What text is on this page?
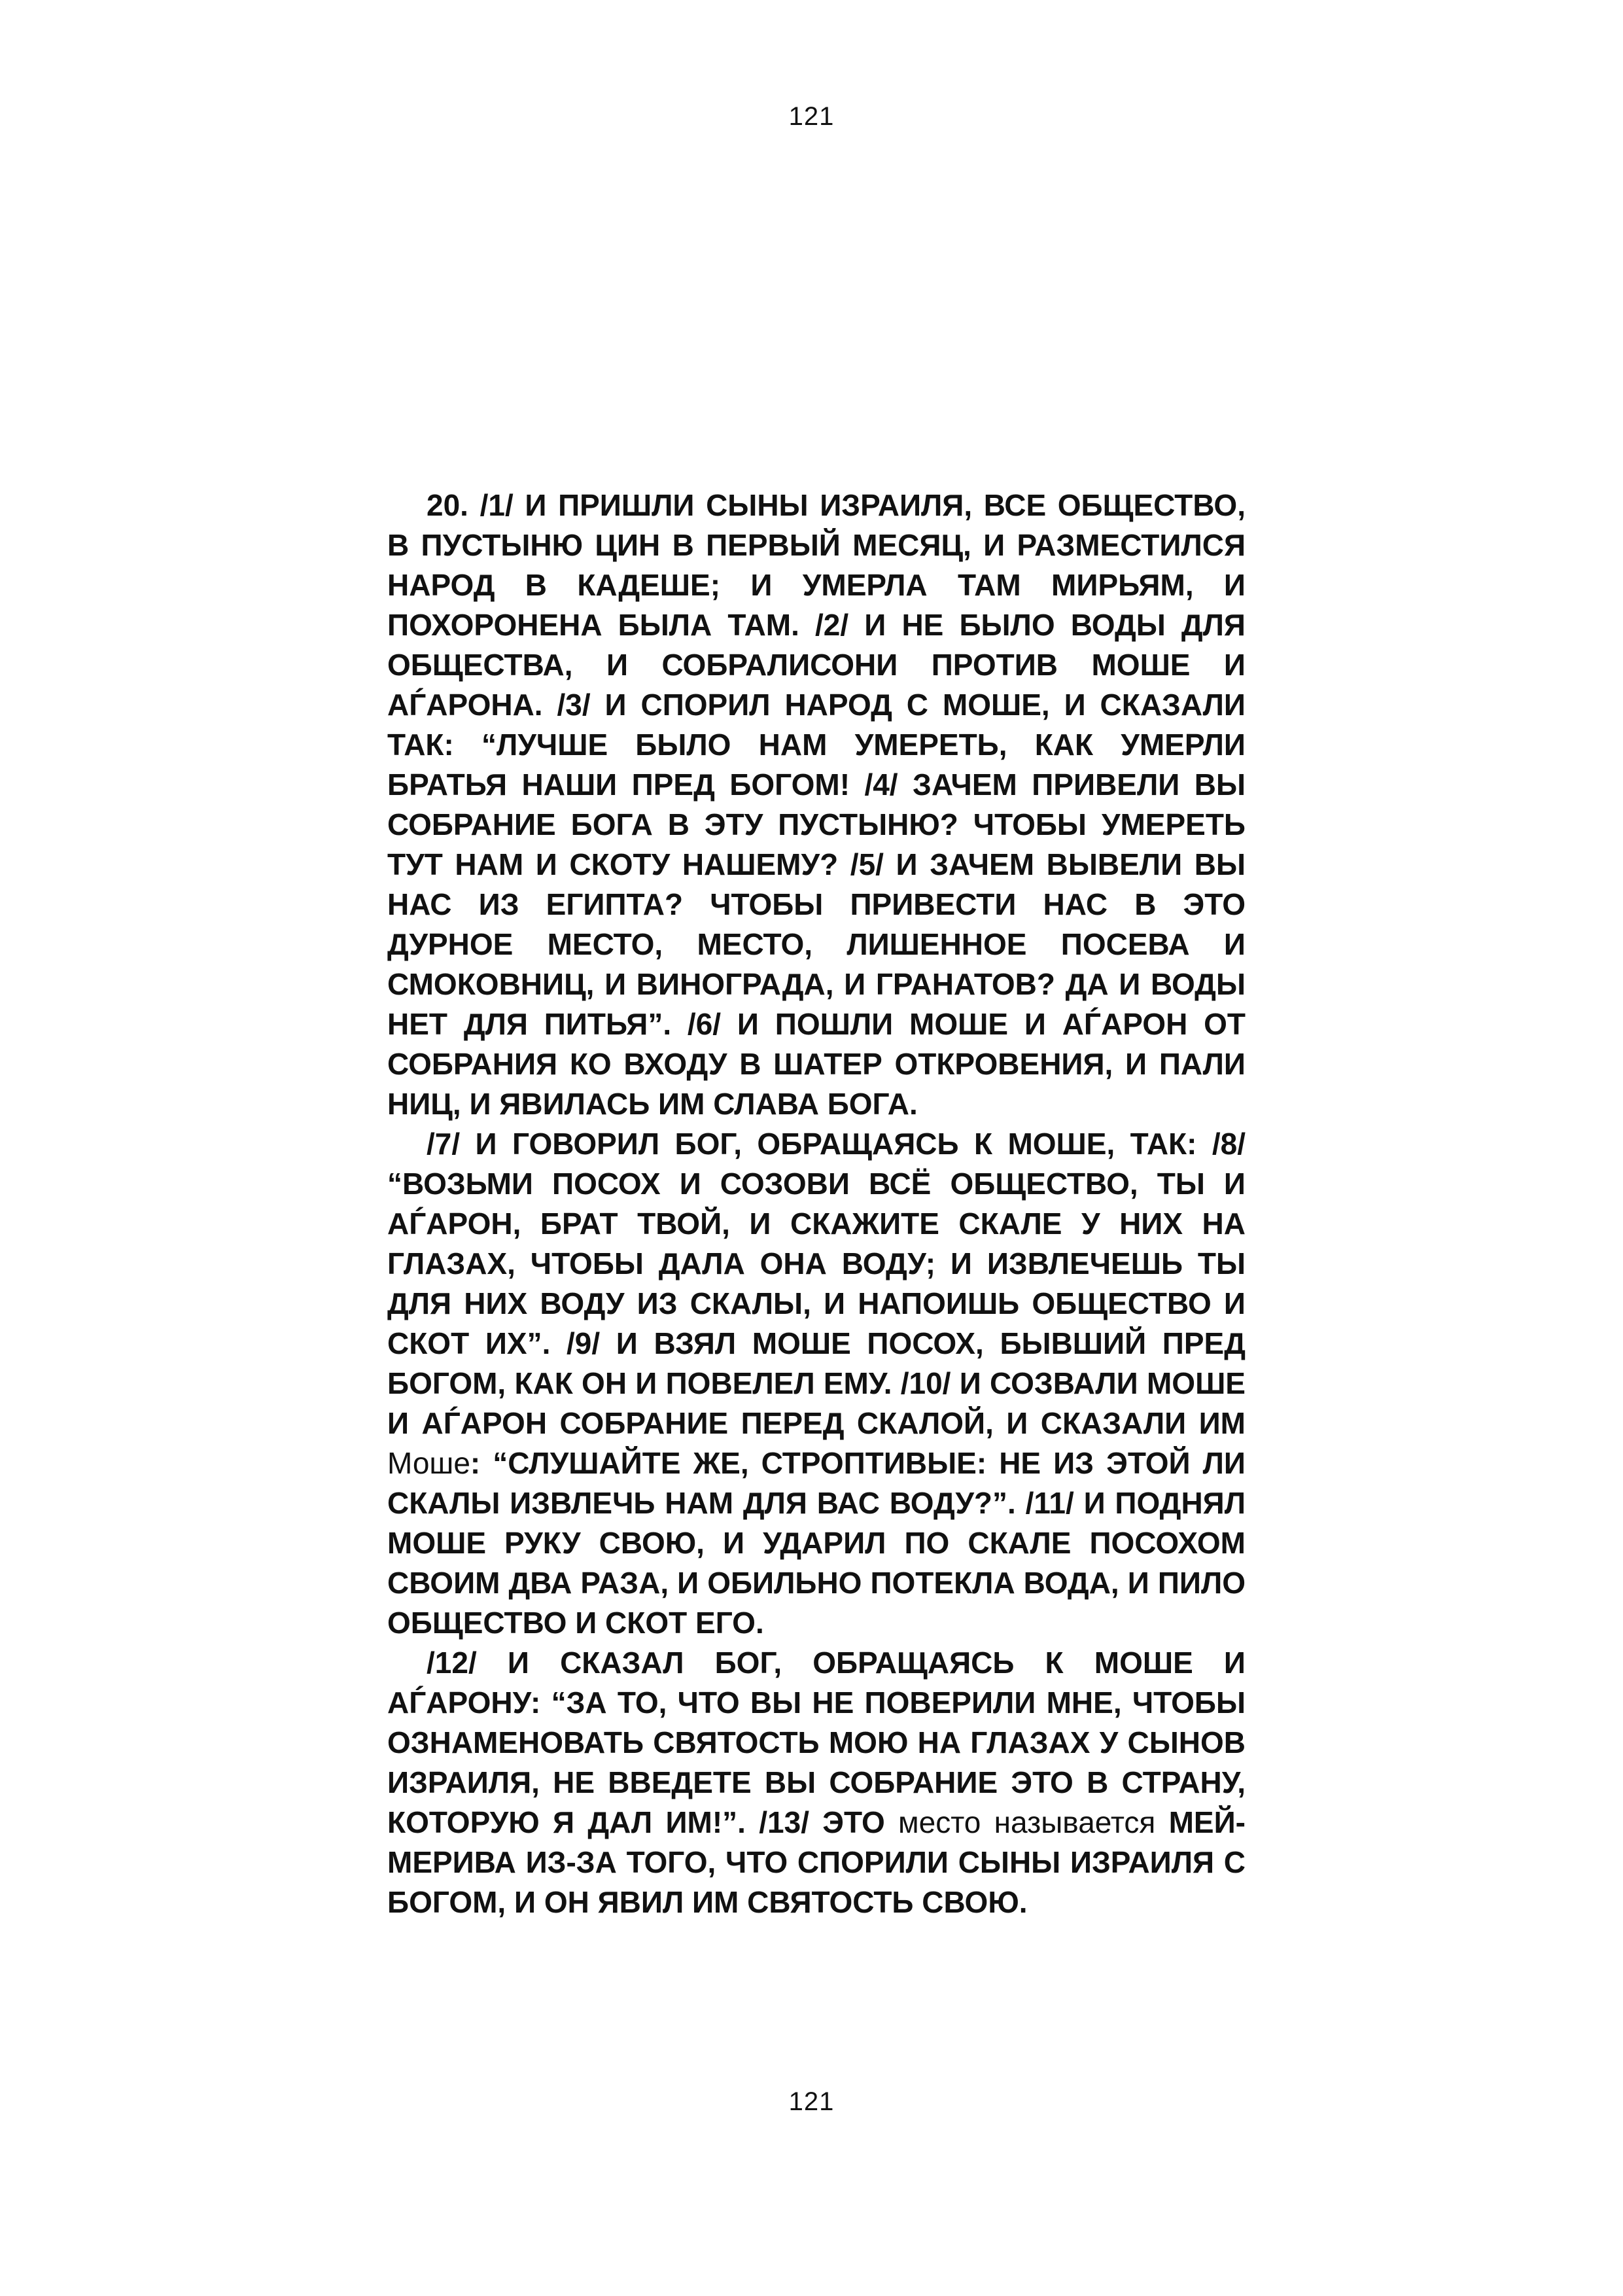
121

20. /1/ И ПРИШЛИ СЫНЫ ИЗРАИЛЯ, ВСЕ ОБЩЕСТВО, В ПУСТЫНЮ ЦИН В ПЕРВЫЙ МЕСЯЦ, И РАЗМЕСТИЛСЯ НАРОД В КАДЕШЕ; И УМЕРЛА ТАМ МИРЬЯМ, И ПОХОРОНЕНА БЫЛА ТАМ. /2/ И НЕ БЫЛО ВОДЫ ДЛЯ ОБЩЕСТВА, И СОБРАЛИСОНИ ПРОТИВ МОШЕ И АЃАРОНА. /3/ И СПОРИЛ НАРОД С МОШЕ, И СКАЗАЛИ ТАК: “ЛУЧШЕ БЫЛО НАМ УМЕРЕТЬ, КАК УМЕРЛИ БРАТЬЯ НАШИ ПРЕД БОГОМ! /4/ ЗАЧЕМ ПРИВЕЛИ ВЫ СОБРАНИЕ БОГА В ЭТУ ПУСТЫНЮ? ЧТОБЫ УМЕРЕТЬ ТУТ НАМ И СКОТУ НАШЕМУ? /5/ И ЗАЧЕМ ВЫВЕЛИ ВЫ НАС ИЗ ЕГИПТА? ЧТОБЫ ПРИВЕСТИ НАС В ЭТО ДУРНОЕ МЕСТО, МЕСТО, ЛИШЕННОЕ ПОСЕВА И СМОКОВНИЦ, И ВИНОГРАДА, И ГРАНАТОВ? ДА И ВОДЫ НЕТ ДЛЯ ПИТЬЯ”. /6/ И ПОШЛИ МОШЕ И АЃАРОН ОТ СОБРАНИЯ КО ВХОДУ В ШАТЕР ОТКРОВЕНИЯ, И ПАЛИ НИЦ, И ЯВИЛАСЬ ИМ СЛАВА БОГА.

/7/ И ГОВОРИЛ БОГ, ОБРАЩАЯСЬ К МОШЕ, ТАК: /8/ “ВОЗЬМИ ПОСОХ И СОЗОВИ ВСЁ ОБЩЕСТВО, ТЫ И АЃАРОН, БРАТ ТВОЙ, И СКАЖИТЕ СКАЛЕ У НИХ НА ГЛАЗАХ, ЧТОБЫ ДАЛА ОНА ВОДУ; И ИЗВЛЕЧЕШЬ ТЫ ДЛЯ НИХ ВОДУ ИЗ СКАЛЫ, И НАПОИШЬ ОБЩЕСТВО И СКОТ ИХ”. /9/ И ВЗЯЛ МОШЕ ПОСОХ, БЫВШИЙ ПРЕД БОГОМ, КАК ОН И ПОВЕЛЕЛ ЕМУ. /10/ И СОЗВАЛИ МОШЕ И АЃАРОН СОБРАНИЕ ПЕРЕД СКАЛОЙ, И СКАЗАЛИ ИМ Моше: “СЛУШАЙТЕ ЖЕ, СТРОПТИВЫЕ: НЕ ИЗ ЭТОЙ ЛИ СКАЛЫ ИЗВЛЕЧЬ НАМ ДЛЯ ВАС ВОДУ?”. /11/ И ПОДНЯЛ МОШЕ РУКУ СВОЮ, И УДАРИЛ ПО СКАЛЕ ПОСОХОМ СВОИМ ДВА РАЗА, И ОБИЛЬНО ПОТЕКЛА ВОДА, И ПИЛО ОБЩЕСТВО И СКОТ ЕГО.

/12/ И СКАЗАЛ БОГ, ОБРАЩАЯСЬ К МОШЕ И АЃАРОНУ: “ЗА ТО, ЧТО ВЫ НЕ ПОВЕРИЛИ МНЕ, ЧТОБЫ ОЗНАМЕНОВАТЬ СВЯТОСТЬ МОЮ НА ГЛАЗАХ У СЫНОВ ИЗРАИЛЯ, НЕ ВВЕДЕТЕ ВЫ СОБРАНИЕ ЭТО В СТРАНУ, КОТОРУЮ Я ДАЛ ИМ!”. /13/ ЭТО место называется МЕЙ-МЕРИВА ИЗ-ЗА ТОГО, ЧТО СПОРИЛИ СЫНЫ ИЗРАИЛЯ С БОГОМ, И ОН ЯВИЛ ИМ СВЯТОСТЬ СВОЮ.

121
